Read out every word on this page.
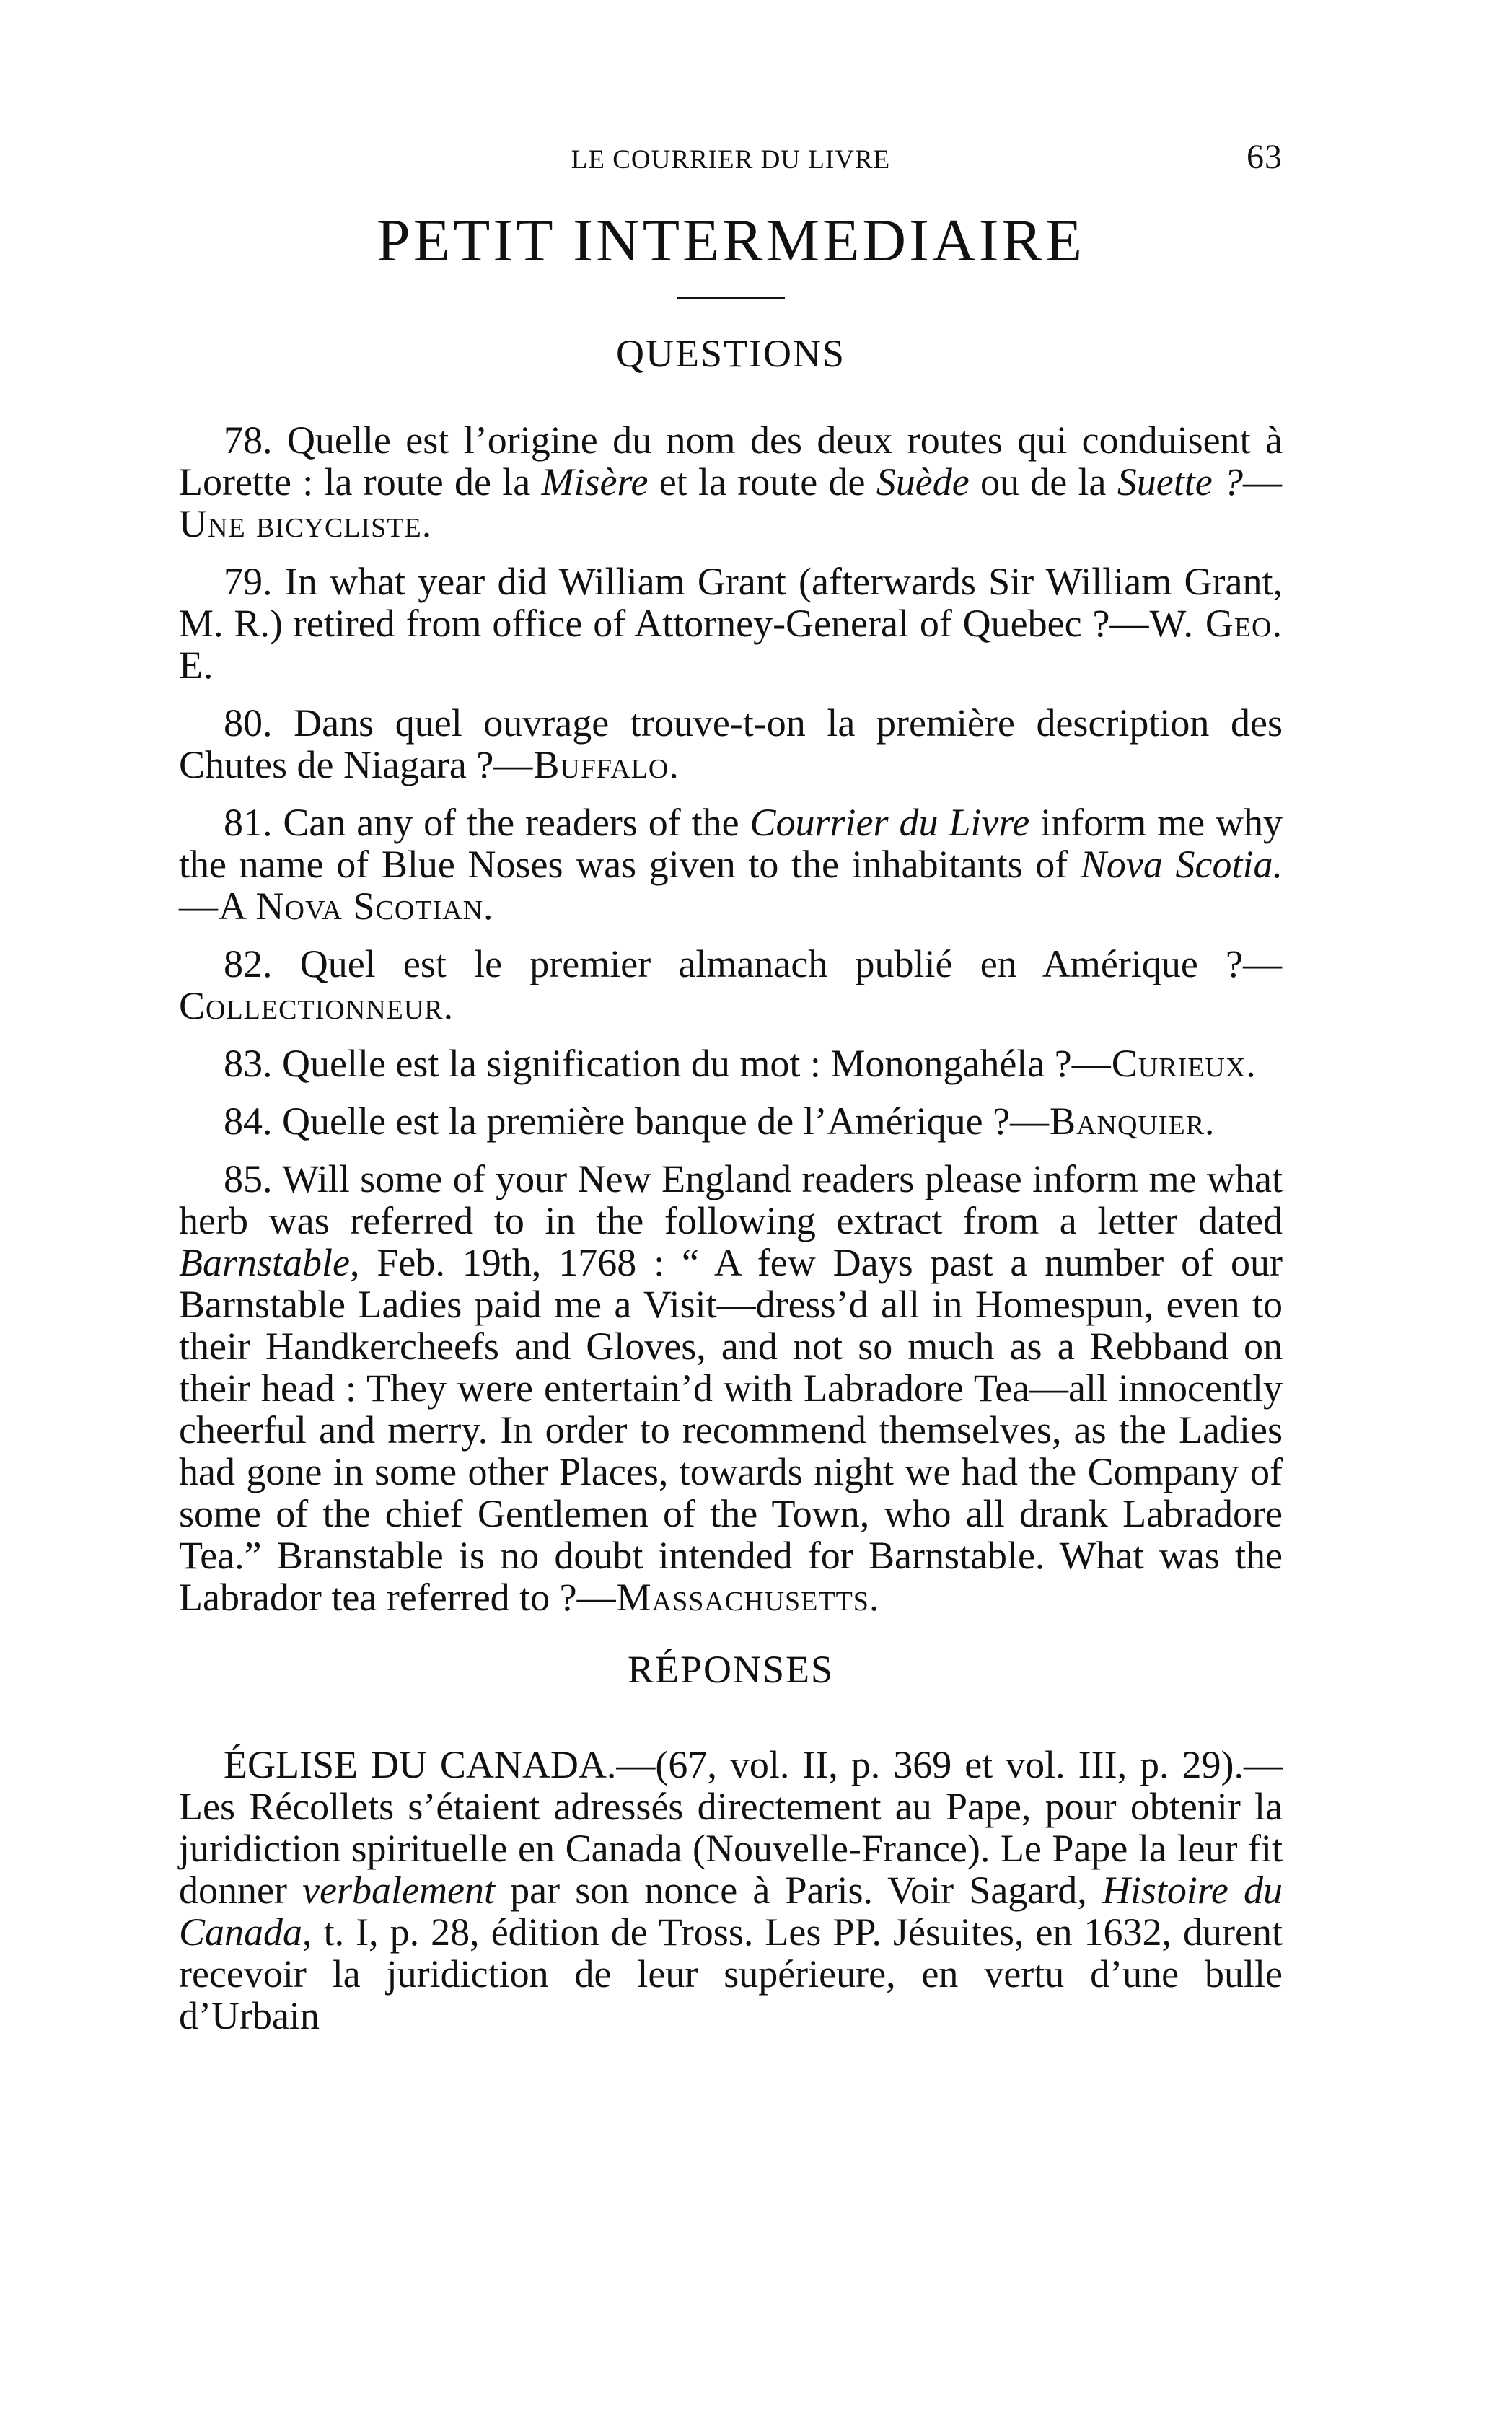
LE COURRIER DU LIVRE	63
PETIT INTERMEDIAIRE
QUESTIONS

78. Quelle est l’origine du nom des deux routes qui conduisent à Lorette : la route de la Misère et la route de Suède ou de la Suette ?—Une bicycliste.

79. In what year did William Grant (afterwards Sir William Grant, M. R.) retired from office of Attorney-General of Quebec ?—W. Geo. E.

80. Dans quel ouvrage trouve-t-on la première description des Chutes de Niagara ?—Buffalo.

81. Can any of the readers of the Courrier du Livre inform me why the name of Blue Noses was given to the inhabitants of Nova Scotia.—A Nova Scotian.

82. Quel est le premier almanach publié en Amérique ?—Collectionneur.

83. Quelle est la signification du mot : Monongahéla ?—Curieux.

84. Quelle est la première banque de l’Amérique ?—Banquier.

85. Will some of your New England readers please inform me what herb was referred to in the following extract from a letter dated Barnstable, Feb. 19th, 1768 : “ A few Days past a number of our Barnstable Ladies paid me a Visit—dress’d all in Homespun, even to their Handkercheefs and Gloves, and not so much as a Rebband on their head : They were entertain’d with Labradore Tea—all innocently cheerful and merry. In order to recommend themselves, as the Ladies had gone in some other Places, towards night we had the Company of some of the chief Gentlemen of the Town, who all drank Labradore Tea.” Branstable is no doubt intended for Barnstable. What was the Labrador tea referred to ?—Massachusetts.

RÉPONSES

ÉGLISE DU CANADA.—(67, vol. II, p. 369 et vol. III, p. 29).—Les Récollets s’étaient adressés directement au Pape, pour obtenir la juridiction spirituelle en Canada (Nouvelle-France). Le Pape la leur fit donner verbalement par son nonce à Paris. Voir Sagard, Histoire du Canada, t. I, p. 28, édition de Tross. Les PP. Jésuites, en 1632, durent recevoir la juridiction de leur supérieure, en vertu d’une bulle d’Urbain
